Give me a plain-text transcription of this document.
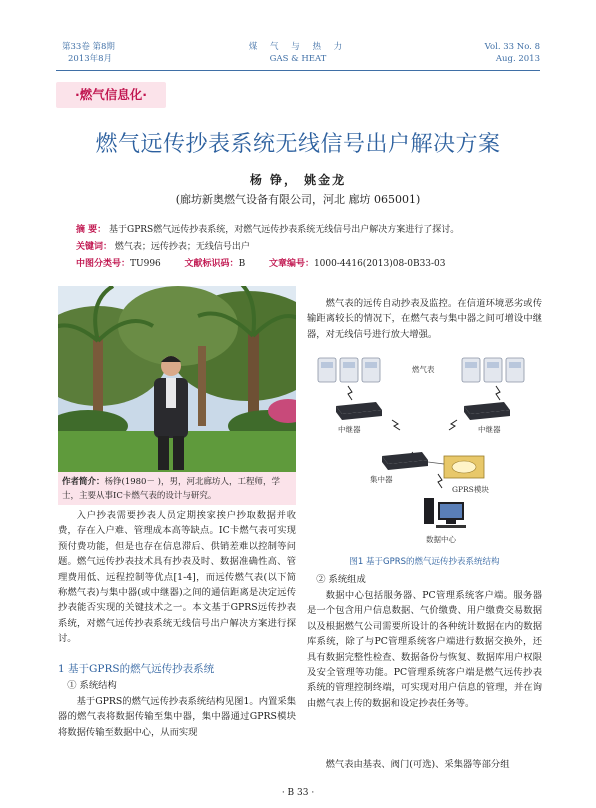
第33卷 第8期
2013年8月
煤 气 与 热 力
GAS & HEAT
Vol. 33 No. 8
Aug. 2013
·燃气信息化·
燃气远传抄表系统无线信号出户解决方案
杨 铮， 姚金龙
(廊坊新奥燃气设备有限公司，河北 廊坊 065001)
摘 要： 基于GPRS燃气远传抄表系统，对燃气远传抄表系统无线信号出户解决方案进行了探讨。
关键词： 燃气表；远传抄表；无线信号出户
中图分类号：TU996	文献标识码：B	文章编号：1000-4416(2013)08-0B33-03
作者简介：杨铮(1980－ )，男，河北廊坊人，工程师，学士，主要从事IC卡燃气表的设计与研究。
入户抄表需要抄表人员定期挨家挨户抄取数据并收费，存在入户难、管理成本高等缺点。IC卡燃气表可实现预付费功能，但是也存在信息滞后、供销差难以控制等问题。燃气远传抄表技术具有抄表及时、数据准确性高、管理费用低、远程控制等优点[1-4]，而远传燃气表(以下简称燃气表)与集中器(或中继器)之间的通信距离是决定远传抄表能否实现的关键技术之一。本文基于GPRS远传抄表系统，对燃气远传抄表系统无线信号出户解决方案进行探讨。
1 基于GPRS的燃气远传抄表系统
① 系统结构
基于GPRS的燃气远传抄表系统结构见图1。内置采集器的燃气表将数据传输至集中器，集中器通过GPRS模块将数据传输至数据中心，从而实现
燃气表的远传自动抄表及监控。在信道环境恶劣或传输距离较长的情况下，在燃气表与集中器之间可增设中继器，对无线信号进行放大增强。
燃气表
中继器	中继器
集中器
GPRS模块
数据中心
图1 基于GPRS的燃气远传抄表系统结构
② 系统组成
数据中心包括服务器、PC管理系统客户端。服务器是一个包含用户信息数据、气价缴费、用户缴费交易数据以及根据燃气公司需要所设计的各种统计数据在内的数据库系统，除了与PC管理系统客户端进行数据交换外，还具有数据完整性检查、数据备份与恢复、数据库用户权限及安全管理等功能。PC管理系统客户端是燃气远传抄表系统的管理控制终端，可实现对用户信息的管理，并在询由燃气表上传的数据和设定抄表任务等。
燃气表由基表、阀门(可选)、采集器等部分组
· B 33 ·
